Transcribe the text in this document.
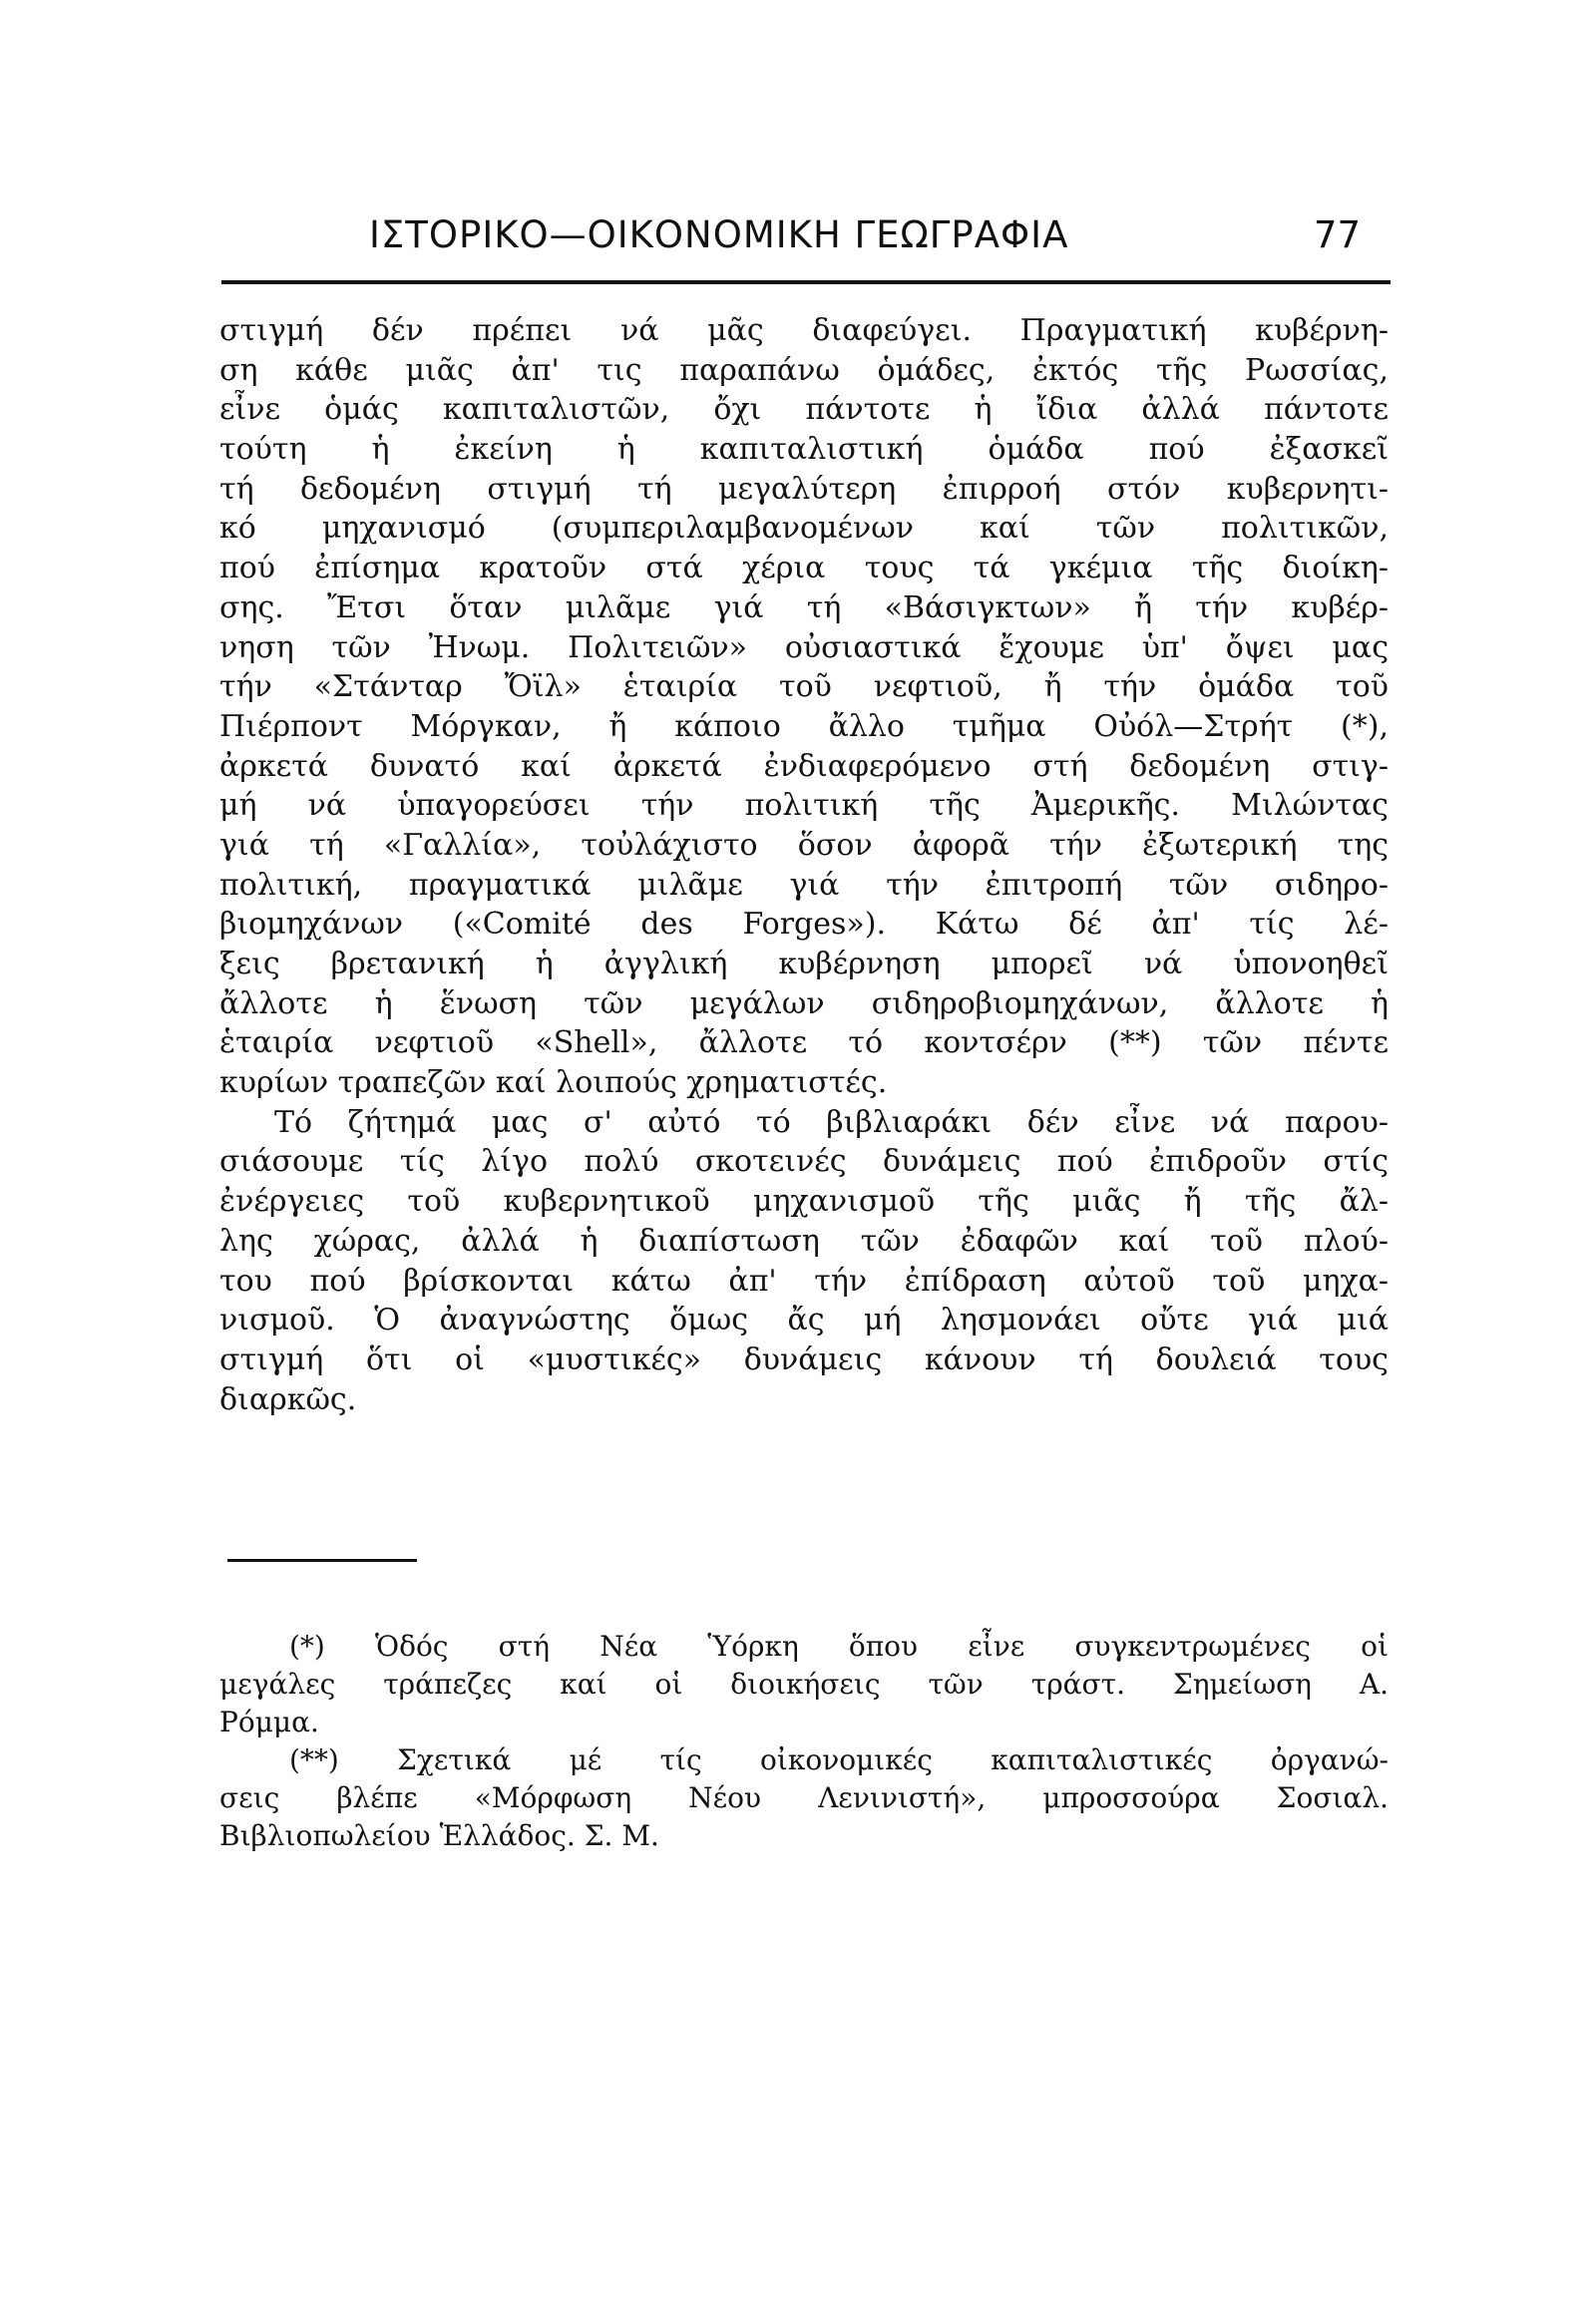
ΙΣΤΟΡΙΚΟ—ΟΙΚΟΝΟΜΙΚΗ ΓΕΩΓΡΑΦΙΑ	77
στιγμή δέν πρέπει νά μᾶς διαφεύγει. Πραγματική κυβέρνη-
ση κάθε μιᾶς ἀπ' τις παραπάνω ὁμάδες, ἐκτός τῆς Ρωσσίας,
εἶνε ὁμάς καπιταλιστῶν, ὄχι πάντοτε ἡ ἴδια ἀλλά πάντοτε
τούτη ἡ ἐκείνη ἡ καπιταλιστική ὁμάδα πού ἐξασκεῖ
τή δεδομένη στιγμή τή μεγαλύτερη ἐπιρροή στόν κυβερνητι-
κό μηχανισμό (συμπεριλαμβανομένων καί τῶν πολιτικῶν,
πού ἐπίσημα κρατοῦν στά χέρια τους τά γκέμια τῆς διοίκη-
σης. Ἔτσι ὅταν μιλᾶμε γιά τή «Βάσιγκτων» ἤ τήν κυβέρ-
νηση τῶν Ἠνωμ. Πολιτειῶν» οὐσιαστικά ἔχουμε ὑπ' ὄψει μας
τήν «Στάνταρ Ὄϊλ» ἑταιρία τοῦ νεφτιοῦ, ἤ τήν ὁμάδα τοῦ
Πιέρποντ Μόργκαν, ἤ κάποιο ἄλλο τμῆμα Οὐόλ—Στρήτ (*),
ἀρκετά δυνατό καί ἀρκετά ἐνδιαφερόμενο στή δεδομένη στιγ-
μή νά ὑπαγορεύσει τήν πολιτική τῆς Ἀμερικῆς. Μιλώντας
γιά τή «Γαλλία», τοὐλάχιστο ὅσον ἀφορᾶ τήν ἐξωτερική της
πολιτική, πραγματικά μιλᾶμε γιά τήν ἐπιτροπή τῶν σιδηρο-
βιομηχάνων («Comité des Forges»). Κάτω δέ ἀπ' τίς λέ-
ξεις βρετανική ἡ ἀγγλική κυβέρνηση μπορεῖ νά ὑπονοηθεῖ
ἄλλοτε ἡ ἕνωση τῶν μεγάλων σιδηροβιομηχάνων, ἄλλοτε ἡ
ἑταιρία νεφτιοῦ «Shell», ἄλλοτε τό κοντσέρν (**) τῶν πέντε
κυρίων τραπεζῶν καί λοιπούς χρηματιστές.
Τό ζήτημά μας σ' αὐτό τό βιβλιαράκι δέν εἶνε νά παρου-
σιάσουμε τίς λίγο πολύ σκοτεινές δυνάμεις πού ἐπιδροῦν στίς
ἐνέργειες τοῦ κυβερνητικοῦ μηχανισμοῦ τῆς μιᾶς ἤ τῆς ἄλ-
λης χώρας, ἀλλά ἡ διαπίστωση τῶν ἐδαφῶν καί τοῦ πλού-
του πού βρίσκονται κάτω ἀπ' τήν ἐπίδραση αὐτοῦ τοῦ μηχα-
νισμοῦ. Ὁ ἀναγνώστης ὅμως ἄς μή λησμονάει οὔτε γιά μιά
στιγμή ὅτι οἱ «μυστικές» δυνάμεις κάνουν τή δουλειά τους
διαρκῶς.
(*) Ὁδός στή Νέα Ὑόρκη ὅπου εἶνε συγκεντρωμένες οἱ
μεγάλες τράπεζες καί οἱ διοικήσεις τῶν τράστ. Σημείωση Α.
Ρόμμα.
(**) Σχετικά μέ τίς οἰκονομικές καπιταλιστικές ὀργανώ-
σεις βλέπε «Μόρφωση Νέου Λενινιστή», μπροσσούρα Σοσιαλ.
Βιβλιοπωλείου Ἑλλάδος. Σ. Μ.
